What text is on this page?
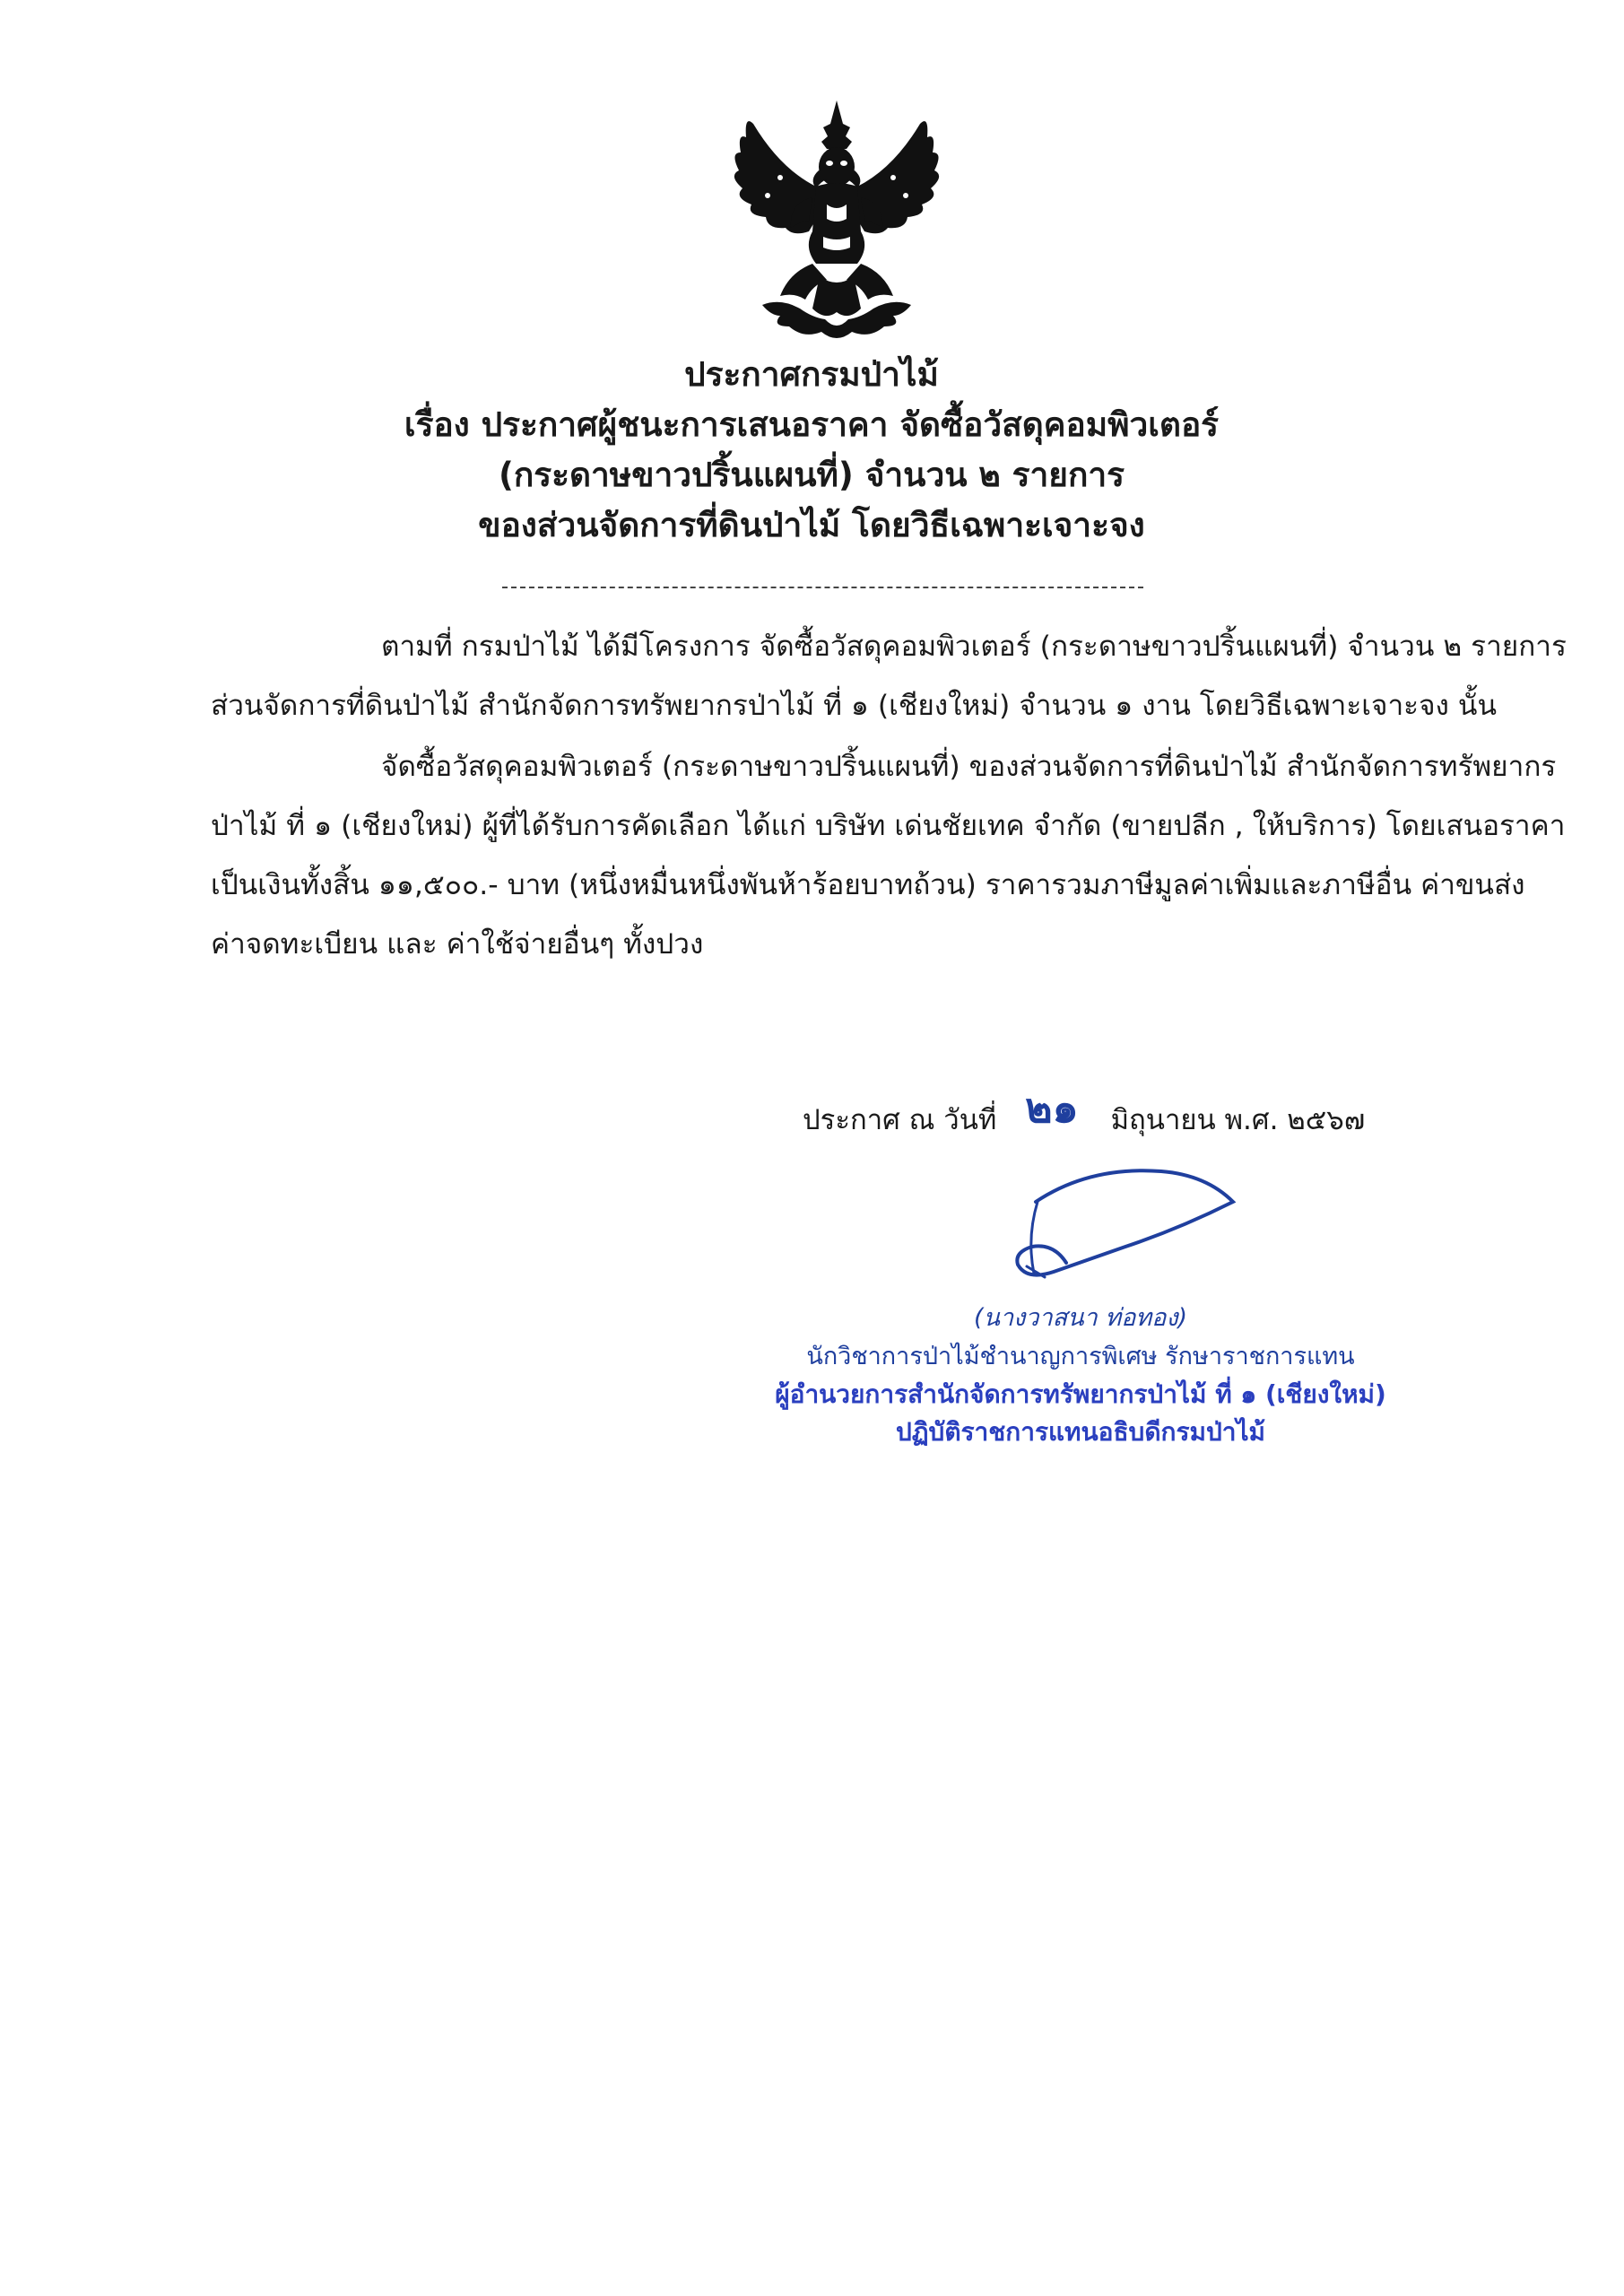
ประกาศกรมป่าไม้
เรื่อง ประกาศผู้ชนะการเสนอราคา จัดซื้อวัสดุคอมพิวเตอร์
(กระดาษขาวปริ้นแผนที่) จำนวน ๒ รายการ
ของส่วนจัดการที่ดินป่าไม้ โดยวิธีเฉพาะเจาะจง
ตามที่ กรมป่าไม้ ได้มีโครงการ จัดซื้อวัสดุคอมพิวเตอร์ (กระดาษขาวปริ้นแผนที่) จำนวน ๒ รายการ
ส่วนจัดการที่ดินป่าไม้ สำนักจัดการทรัพยากรป่าไม้ ที่ ๑ (เชียงใหม่) จำนวน ๑ งาน โดยวิธีเฉพาะเจาะจง นั้น
จัดซื้อวัสดุคอมพิวเตอร์ (กระดาษขาวปริ้นแผนที่) ของส่วนจัดการที่ดินป่าไม้ สำนักจัดการทรัพยากร
ป่าไม้ ที่ ๑ (เชียงใหม่) ผู้ที่ได้รับการคัดเลือก ได้แก่ บริษัท เด่นชัยเทค จำกัด (ขายปลีก , ให้บริการ) โดยเสนอราคา
เป็นเงินทั้งสิ้น ๑๑,๕๐๐.- บาท (หนึ่งหมื่นหนึ่งพันห้าร้อยบาทถ้วน) ราคารวมภาษีมูลค่าเพิ่มและภาษีอื่น ค่าขนส่ง
ค่าจดทะเบียน และ ค่าใช้จ่ายอื่นๆ ทั้งปวง
ประกาศ ณ วันที่ ๒๑ มิถุนายน พ.ศ. ๒๕๖๗
(นางวาสนา ท่อทอง)
นักวิชาการป่าไม้ชำนาญการพิเศษ รักษาราชการแทน
ผู้อำนวยการสำนักจัดการทรัพยากรป่าไม้ ที่ ๑ (เชียงใหม่)
ปฏิบัติราชการแทนอธิบดีกรมป่าไม้
